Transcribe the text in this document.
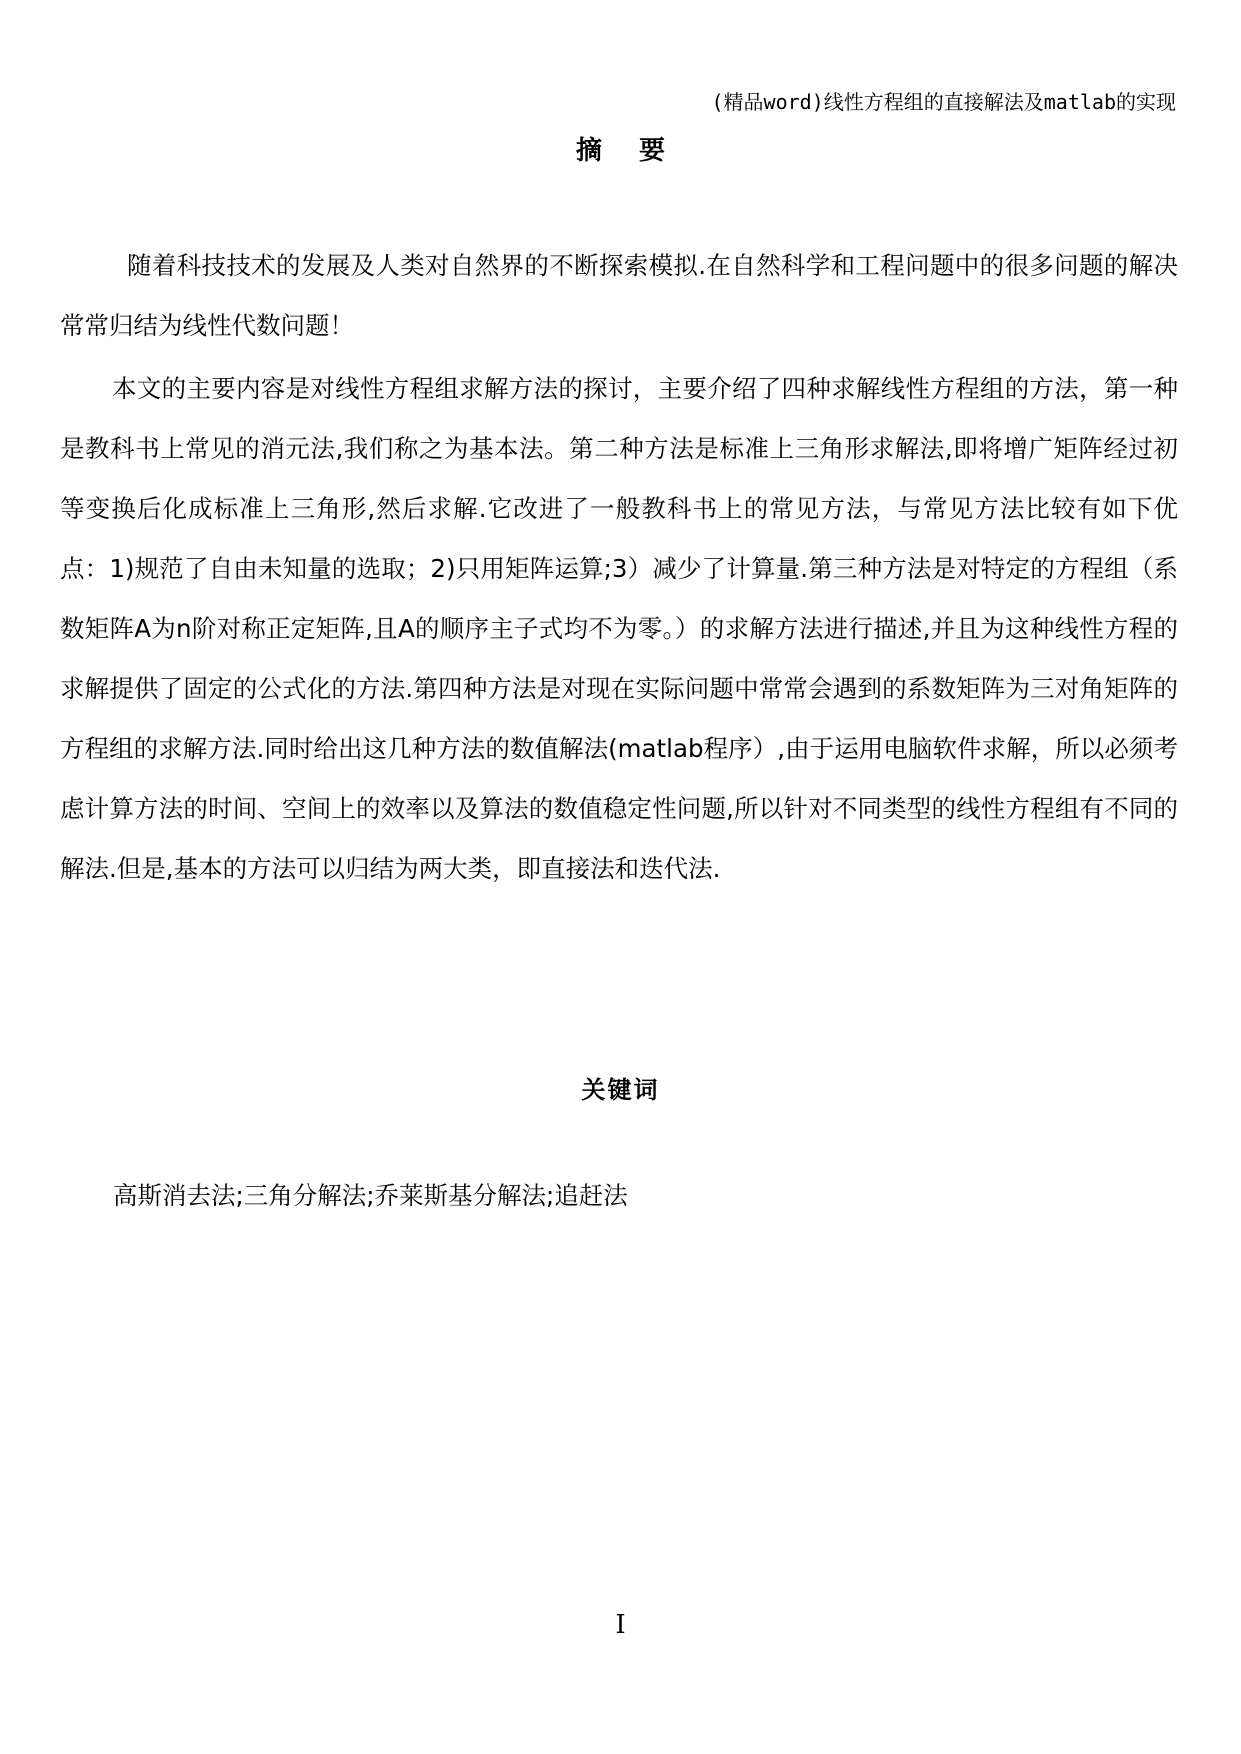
(精品word)线性方程组的直接解法及matlab的实现
摘 要

随着科技技术的发展及人类对自然界的不断探索模拟.在自然科学和工程问题中的很多问题的解决常常归结为线性代数问题！

本文的主要内容是对线性方程组求解方法的探讨，主要介绍了四种求解线性方程组的方法，第一种是教科书上常见的消元法,我们称之为基本法。第二种方法是标准上三角形求解法,即将增广矩阵经过初等变换后化成标准上三角形,然后求解.它改进了一般教科书上的常见方法，与常见方法比较有如下优点：1)规范了自由未知量的选取；2)只用矩阵运算;3）减少了计算量.第三种方法是对特定的方程组（系数矩阵A为n阶对称正定矩阵,且A的顺序主子式均不为零。）的求解方法进行描述,并且为这种线性方程的求解提供了固定的公式化的方法.第四种方法是对现在实际问题中常常会遇到的系数矩阵为三对角矩阵的方程组的求解方法.同时给出这几种方法的数值解法(matlab程序）,由于运用电脑软件求解，所以必须考虑计算方法的时间、空间上的效率以及算法的数值稳定性问题,所以针对不同类型的线性方程组有不同的解法.但是,基本的方法可以归结为两大类，即直接法和迭代法.

关键词
高斯消去法;三角分解法;乔莱斯基分解法;追赶法
I
